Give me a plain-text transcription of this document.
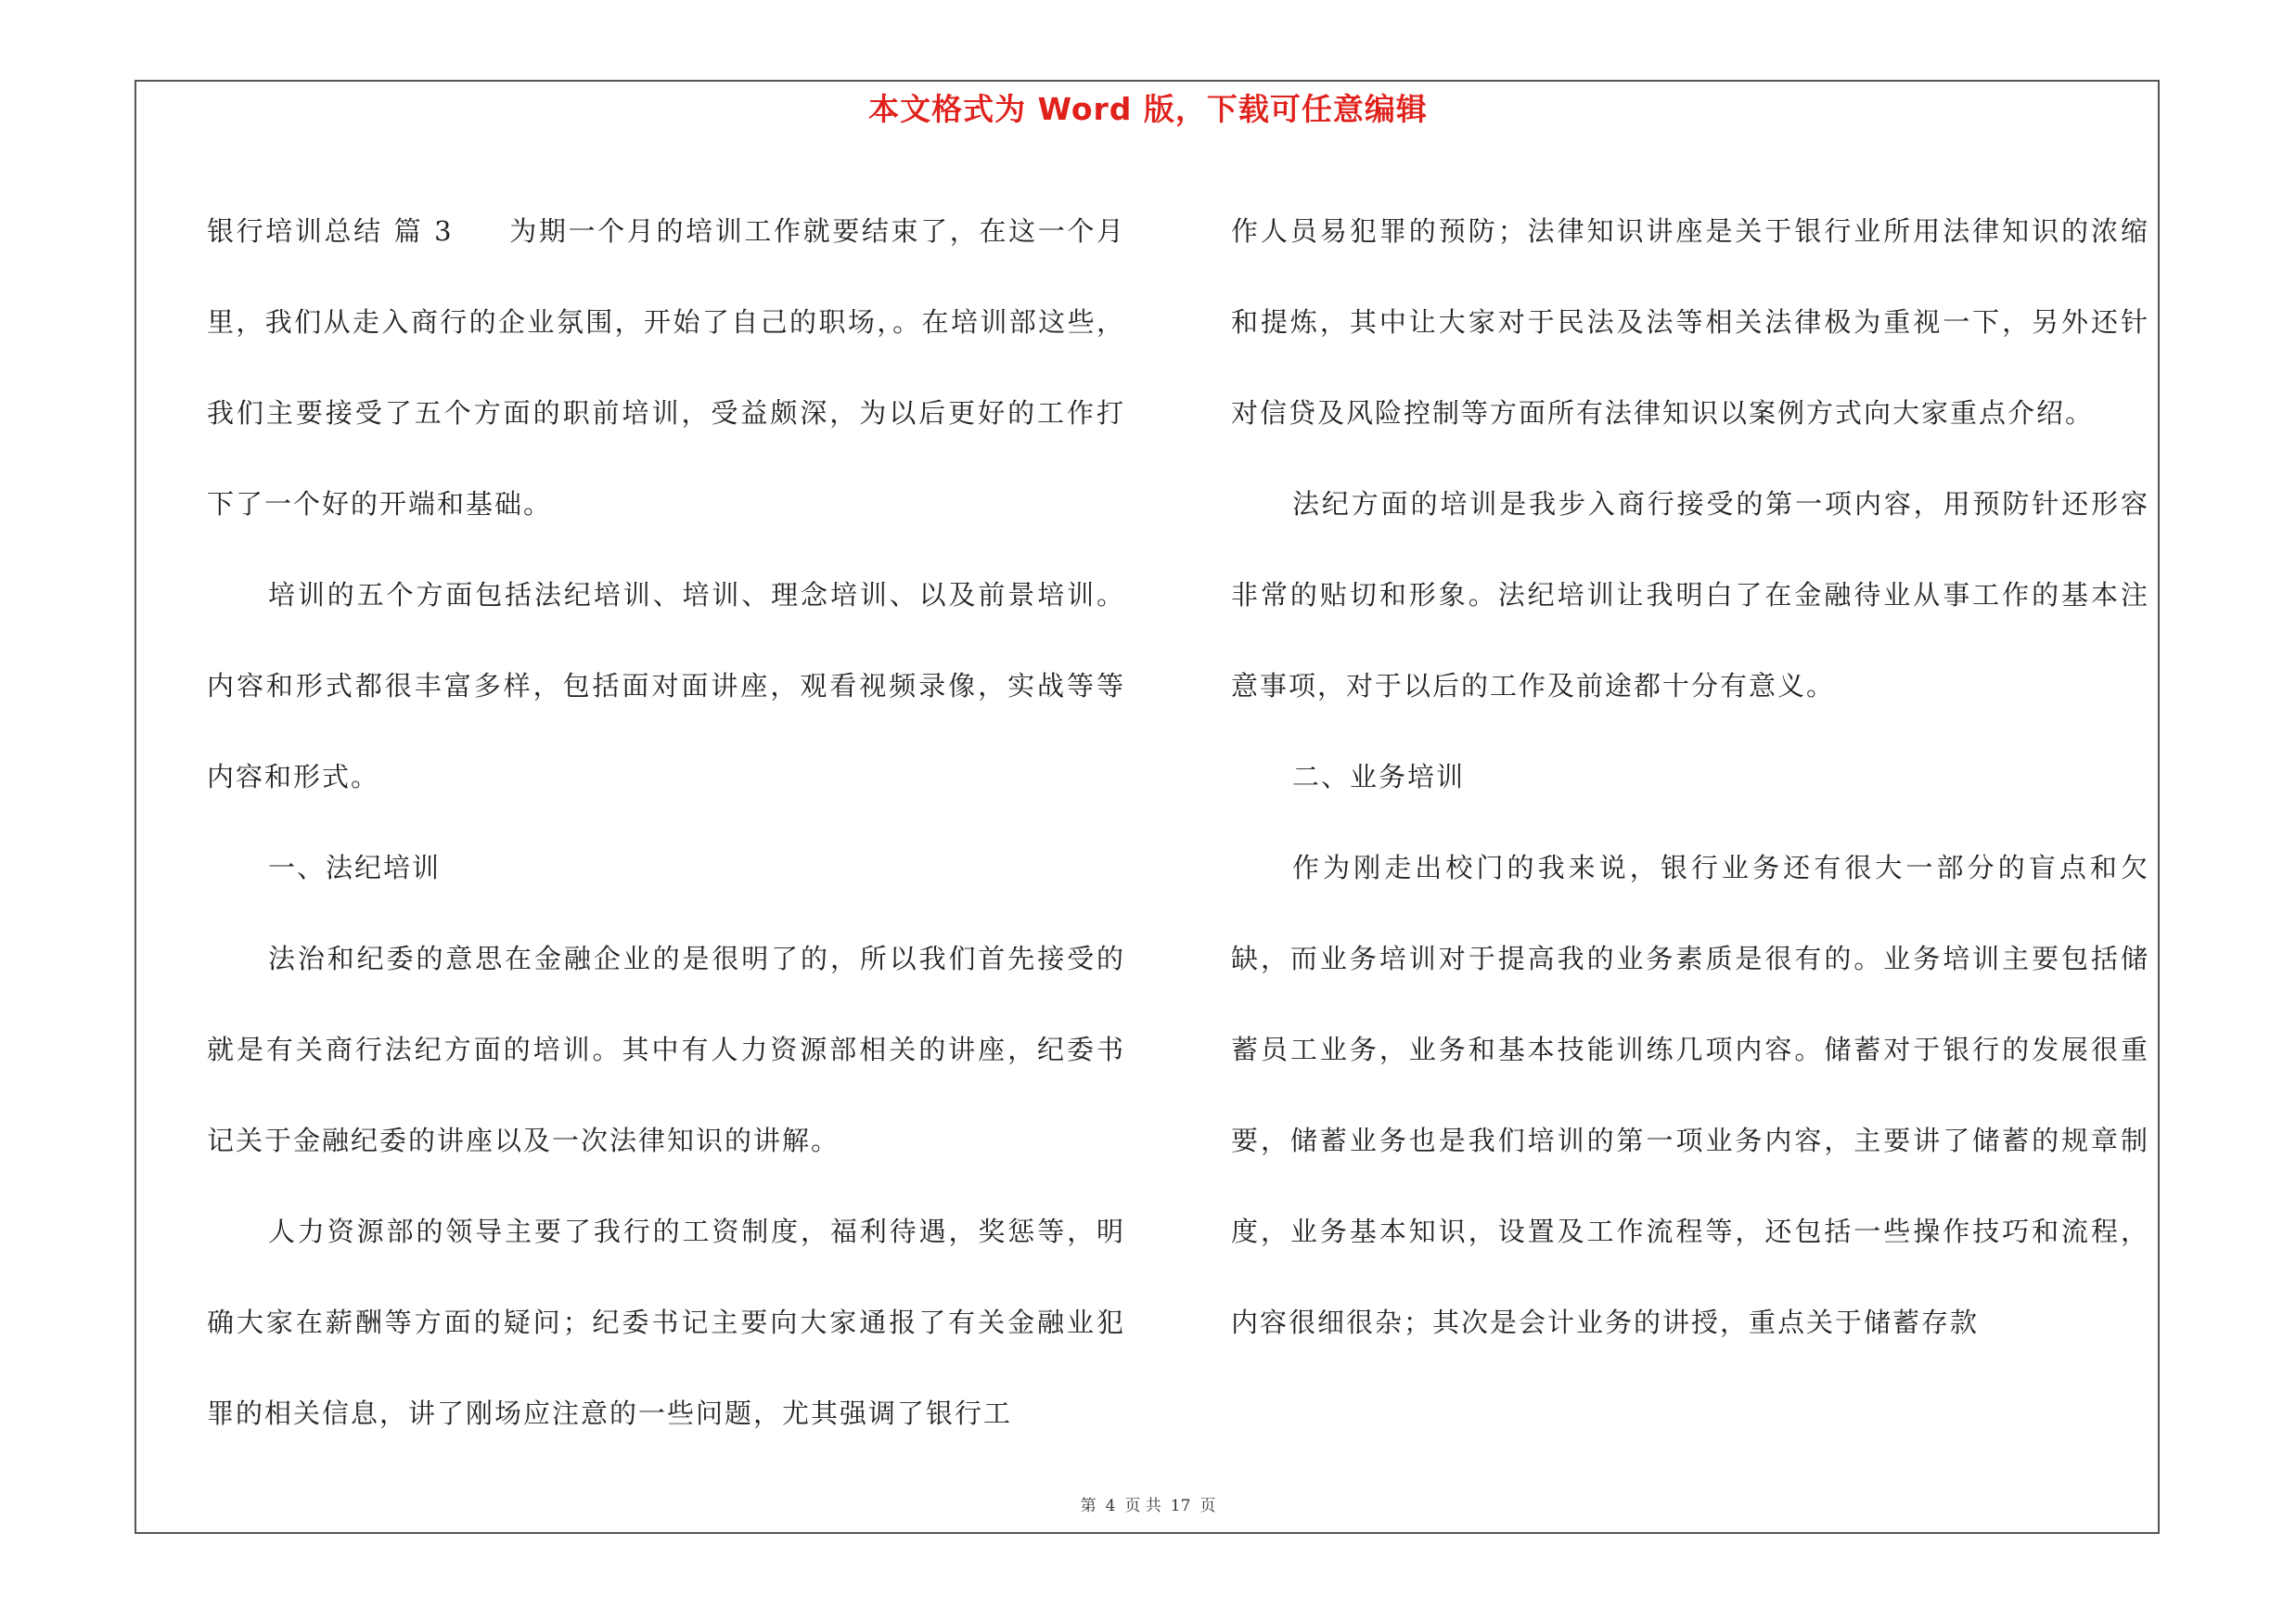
本文格式为 Word 版，下载可任意编辑

银行培训总结 篇 3 为期一个月的培训工作就要结束了，在这一个月里，我们从走入商行的企业氛围，开始了自己的职场，。在培训部这些，我们主要接受了五个方面的职前培训，受益颇深，为以后更好的工作打下了一个好的开端和基础。

培训的五个方面包括法纪培训、培训、理念培训、以及前景培训。内容和形式都很丰富多样，包括面对面讲座，观看视频录像，实战等等内容和形式。

一、法纪培训

法治和纪委的意思在金融企业的是很明了的，所以我们首先接受的就是有关商行法纪方面的培训。其中有人力资源部相关的讲座，纪委书记关于金融纪委的讲座以及一次法律知识的讲解。

人力资源部的领导主要了我行的工资制度，福利待遇，奖惩等，明确大家在薪酬等方面的疑问；纪委书记主要向大家通报了有关金融业犯罪的相关信息，讲了刚场应注意的一些问题，尤其强调了银行工

作人员易犯罪的预防；法律知识讲座是关于银行业所用法律知识的浓缩和提炼，其中让大家对于民法及法等相关法律极为重视一下，另外还针对信贷及风险控制等方面所有法律知识以案例方式向大家重点介绍。

法纪方面的培训是我步入商行接受的第一项内容，用预防针还形容非常的贴切和形象。法纪培训让我明白了在金融待业从事工作的基本注意事项，对于以后的工作及前途都十分有意义。

二、业务培训

作为刚走出校门的我来说，银行业务还有很大一部分的盲点和欠缺，而业务培训对于提高我的业务素质是很有的。业务培训主要包括储蓄员工业务，业务和基本技能训练几项内容。储蓄对于银行的发展很重要，储蓄业务也是我们培训的第一项业务内容，主要讲了储蓄的规章制度，业务基本知识，设置及工作流程等，还包括一些操作技巧和流程，内容很细很杂；其次是会计业务的讲授，重点关于储蓄存款

第 4 页 共 17 页
